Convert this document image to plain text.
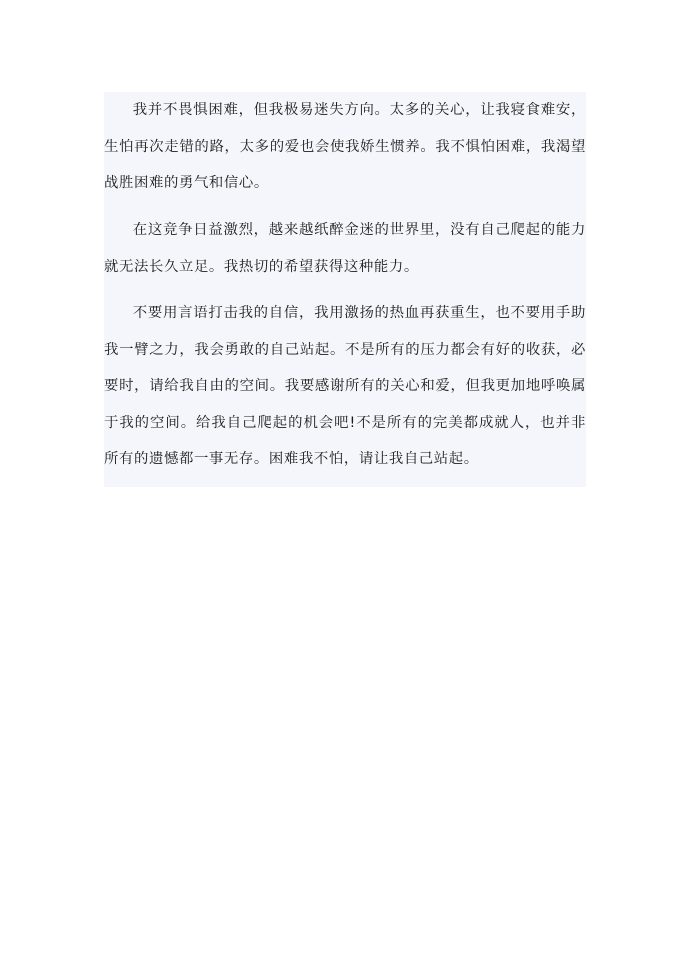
我并不畏惧困难，但我极易迷失方向。太多的关心，让我寝食难安，生怕再次走错的路，太多的爱也会使我娇生惯养。我不惧怕困难，我渴望战胜困难的勇气和信心。

在这竞争日益激烈，越来越纸醉金迷的世界里，没有自己爬起的能力就无法长久立足。我热切的希望获得这种能力。

不要用言语打击我的自信，我用激扬的热血再获重生，也不要用手助我一臂之力，我会勇敢的自己站起。不是所有的压力都会有好的收获，必要时，请给我自由的空间。我要感谢所有的关心和爱，但我更加地呼唤属于我的空间。给我自己爬起的机会吧!不是所有的完美都成就人，也并非所有的遗憾都一事无存。困难我不怕，请让我自己站起。
